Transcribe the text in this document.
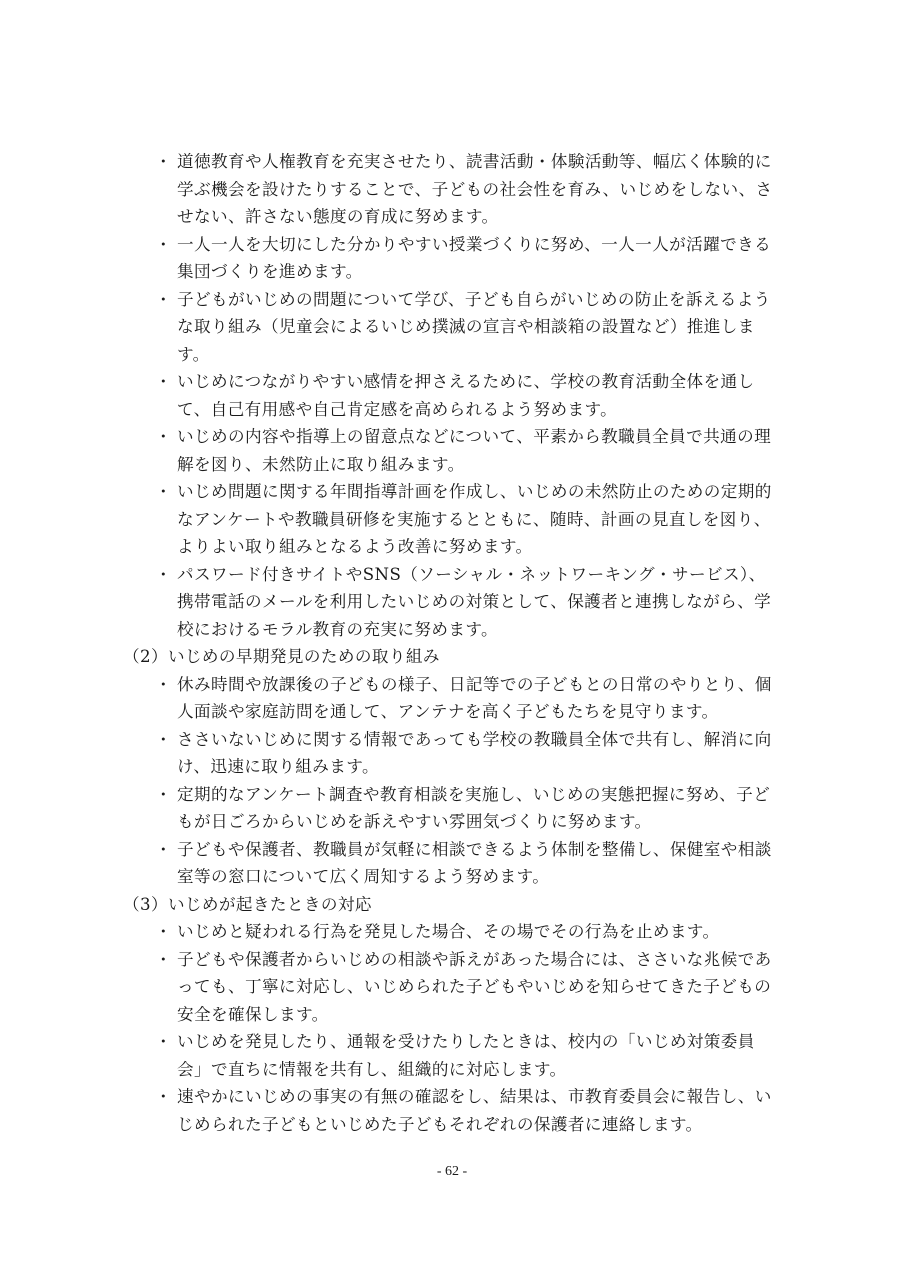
・ 道徳教育や人権教育を充実させたり、読書活動・体験活動等、幅広く体験的に学ぶ機会を設けたりすることで、子どもの社会性を育み、いじめをしない、させない、許さない態度の育成に努めます。
・ 一人一人を大切にした分かりやすい授業づくりに努め、一人一人が活躍できる集団づくりを進めます。
・ 子どもがいじめの問題について学び、子ども自らがいじめの防止を訴えるような取り組み（児童会によるいじめ撲滅の宣言や相談箱の設置など）推進します。
・ いじめにつながりやすい感情を押さえるために、学校の教育活動全体を通して、自己有用感や自己肯定感を高められるよう努めます。
・ いじめの内容や指導上の留意点などについて、平素から教職員全員で共通の理解を図り、未然防止に取り組みます。
・ いじめ問題に関する年間指導計画を作成し、いじめの未然防止のための定期的なアンケートや教職員研修を実施するとともに、随時、計画の見直しを図り、よりよい取り組みとなるよう改善に努めます。
・ パスワード付きサイトやSNS（ソーシャル・ネットワーキング・サービス）、携帯電話のメールを利用したいじめの対策として、保護者と連携しながら、学校におけるモラル教育の充実に努めます。

（2）いじめの早期発見のための取り組み

・ 休み時間や放課後の子どもの様子、日記等での子どもとの日常のやりとり、個人面談や家庭訪問を通して、アンテナを高く子どもたちを見守ります。
・ ささいないじめに関する情報であっても学校の教職員全体で共有し、解消に向け、迅速に取り組みます。
・ 定期的なアンケート調査や教育相談を実施し、いじめの実態把握に努め、子どもが日ごろからいじめを訴えやすい雰囲気づくりに努めます。
・ 子どもや保護者、教職員が気軽に相談できるよう体制を整備し、保健室や相談室等の窓口について広く周知するよう努めます。

（3）いじめが起きたときの対応

・ いじめと疑われる行為を発見した場合、その場でその行為を止めます。
・ 子どもや保護者からいじめの相談や訴えがあった場合には、ささいな兆候であっても、丁寧に対応し、いじめられた子どもやいじめを知らせてきた子どもの安全を確保します。
・ いじめを発見したり、通報を受けたりしたときは、校内の「いじめ対策委員会」で直ちに情報を共有し、組織的に対応します。
・ 速やかにいじめの事実の有無の確認をし、結果は、市教育委員会に報告し、いじめられた子どもといじめた子どもそれぞれの保護者に連絡します。
- 62 -
